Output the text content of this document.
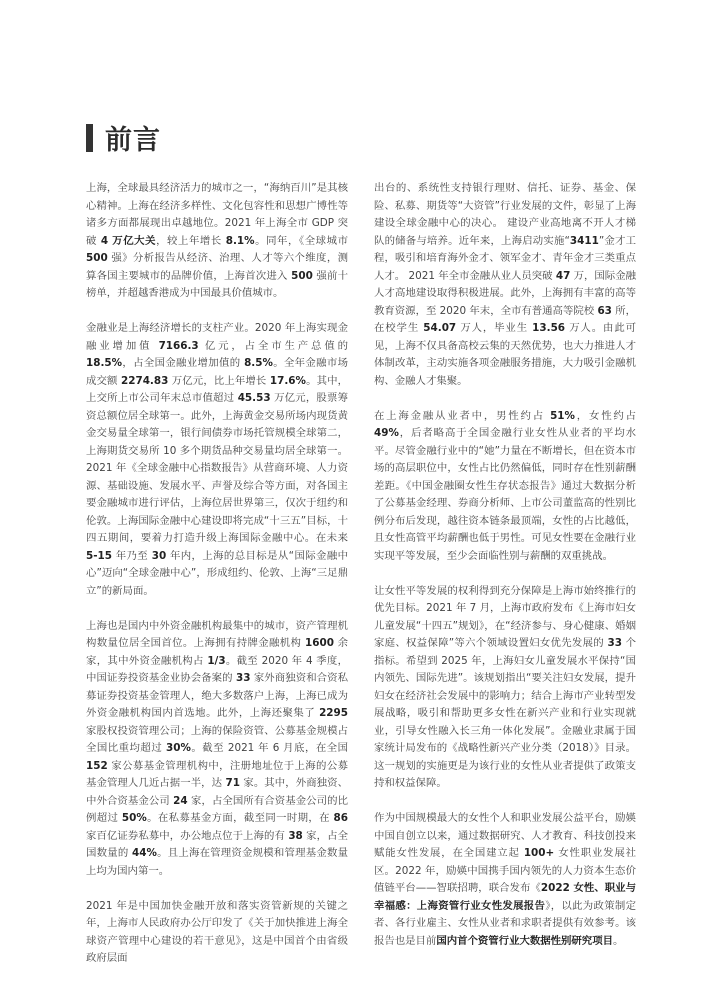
前言

上海，全球最具经济活力的城市之一，“海纳百川”是其核心精神。上海在经济多样性、文化包容性和思想广博性等诸多方面都展现出卓越地位。2021 年上海全市 GDP 突破 4 万亿大关，较上年增长 8.1%。同年，《全球城市 500 强》分析报告从经济、治理、人才等六个维度，测算各国主要城市的品牌价值，上海首次进入 500 强前十榜单，并超越香港成为中国最具价值城市。

金融业是上海经济增长的支柱产业。2020 年上海实现金融业增加值 7166.3 亿元，占全市生产总值的 18.5%，占全国金融业增加值的 8.5%。全年金融市场成交额 2274.83 万亿元，比上年增长 17.6%。其中，上交所上市公司年末总市值超过 45.53 万亿元，股票筹资总额位居全球第一。此外，上海黄金交易所场内现货黄金交易量全球第一，银行间债券市场托管规模全球第二，上海期货交易所 10 多个期货品种交易量均居全球第一。2021 年《全球金融中心指数报告》从营商环境、人力资源、基础设施、发展水平、声誉及综合等方面，对各国主要金融城市进行评估，上海位居世界第三，仅次于纽约和伦敦。上海国际金融中心建设即将完成“十三五”目标，十四五期间，要着力打造升级上海国际金融中心。在未来 5-15 年乃至 30 年内，上海的总目标是从“国际金融中心”迈向“全球金融中心”，形成纽约、伦敦、上海“三足鼎立”的新局面。

上海也是国内中外资金融机构最集中的城市，资产管理机构数量位居全国首位。上海拥有持牌金融机构 1600 余家，其中外资金融机构占 1/3。截至 2020 年 4 季度，中国证券投资基金业协会备案的 33 家外商独资和合资私募证券投资基金管理人，绝大多数落户上海，上海已成为外资金融机构国内首选地。此外，上海还聚集了 2295 家股权投资管理公司；上海的保险资管、公募基金规模占全国比重均超过 30%。截至 2021 年 6 月底，在全国 152 家公募基金管理机构中，注册地址位于上海的公募基金管理人几近占据一半，达 71 家。其中，外商独资、中外合资基金公司 24 家，占全国所有合资基金公司的比例超过 50%。在私募基金方面，截至同一时期，在 86 家百亿证券私募中，办公地点位于上海的有 38 家，占全国数量的 44%。且上海在管理资金规模和管理基金数量上均为国内第一。

2021 年是中国加快金融开放和落实资管新规的关键之年，上海市人民政府办公厅印发了《关于加快推进上海全球资产管理中心建设的若干意见》，这是中国首个由省级政府层面

出台的、系统性支持银行理财、信托、证券、基金、保险、私募、期货等“大资管”行业发展的文件，彰显了上海建设全球金融中心的决心。 建设产业高地离不开人才梯队的储备与培养。近年来，上海启动实施“3411”金才工程，吸引和培育海外金才、领军金才、青年金才三类重点人才。 2021 年全市金融从业人员突破 47 万，国际金融人才高地建设取得积极进展。此外，上海拥有丰富的高等教育资源，至 2020 年末，全市有普通高等院校 63 所，在校学生 54.07 万人，毕业生 13.56 万人。由此可见，上海不仅具备高校云集的天然优势，也大力推进人才体制改革，主动实施各项金融服务措施，大力吸引金融机构、金融人才集聚。

在上海金融从业者中，男性约占 51%，女性约占 49%，后者略高于全国金融行业女性从业者的平均水平。尽管金融行业中的“她”力量在不断增长，但在资本市场的高层职位中，女性占比仍然偏低，同时存在性别薪酬差距。《中国金融圈女性生存状态报告》通过大数据分析了公募基金经理、券商分析师、上市公司董监高的性别比例分布后发现，越往资本链条最顶端，女性的占比越低，且女性高管平均薪酬也低于男性。可见女性要在金融行业实现平等发展，至少会面临性别与薪酬的双重挑战。

让女性平等发展的权利得到充分保障是上海市始终推行的优先目标。2021 年 7 月，上海市政府发布《上海市妇女儿童发展“十四五”规划》，在“经济参与、身心健康、婚姻家庭、权益保障”等六个领域设置妇女优先发展的 33 个指标。希望到 2025 年，上海妇女儿童发展水平保持“国内领先、国际先进”。该规划指出“要关注妇女发展，提升妇女在经济社会发展中的影响力；结合上海市产业转型发展战略，吸引和帮助更多女性在新兴产业和行业实现就业，引导女性融入长三角一体化发展”。金融业隶属于国家统计局发布的《战略性新兴产业分类（2018）》目录。这一规划的实施更是为该行业的女性从业者提供了政策支持和权益保障。

作为中国规模最大的女性个人和职业发展公益平台，励媖中国自创立以来，通过数据研究、人才教育、科技创投来赋能女性发展，在全国建立起 100+ 女性职业发展社区。2022 年，励媖中国携手国内领先的人力资本生态价值链平台——智联招聘，联合发布《2022 女性、职业与幸福感：上海资管行业女性发展报告》，以此为政策制定者、各行业雇主、女性从业者和求职者提供有效参考。该报告也是目前国内首个资管行业大数据性别研究项目。
